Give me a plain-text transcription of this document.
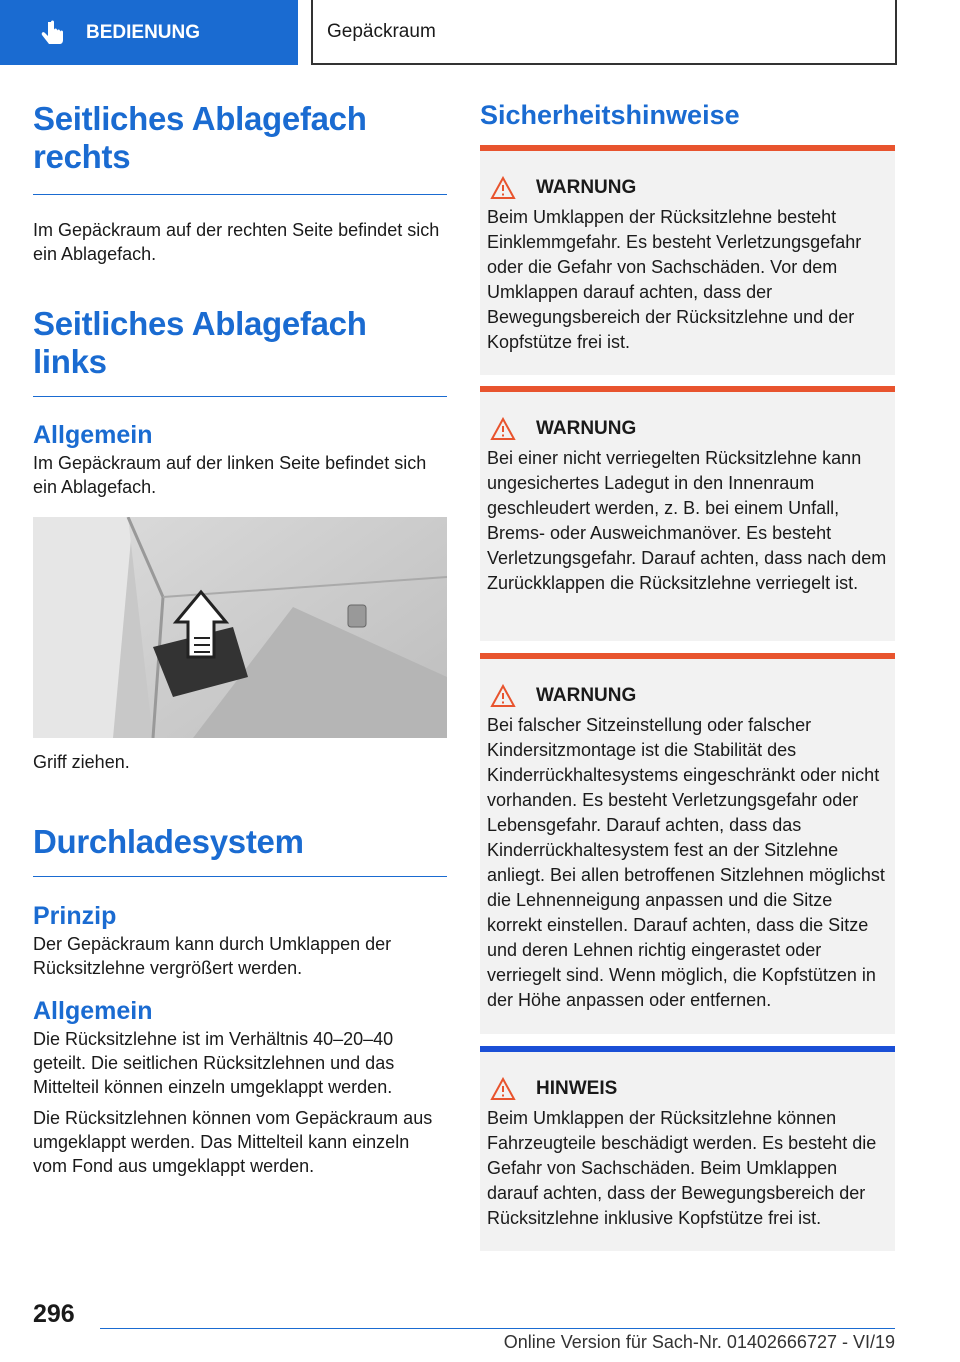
BEDIENUNG	Gepäckraum
Seitliches Ablagefach rechts

Im Gepäckraum auf der rechten Seite befindet sich ein Ablagefach.

Seitliches Ablagefach links
Allgemein

Im Gepäckraum auf der linken Seite befindet sich ein Ablagefach.

Griff ziehen.

Durchladesystem
Prinzip

Der Gepäckraum kann durch Umklappen der Rücksitzlehne vergrößert werden.

Allgemein

Die Rücksitzlehne ist im Verhältnis 40–20–40 geteilt. Die seitlichen Rücksitzlehnen und das Mittelteil können einzeln umgeklappt werden.

Die Rücksitzlehnen können vom Gepäckraum aus umgeklappt werden. Das Mittelteil kann einzeln vom Fond aus umgeklappt werden.

Sicherheitshinweise
WARNUNG
Beim Umklappen der Rücksitzlehne besteht Einklemmgefahr. Es besteht Verletzungsgefahr oder die Gefahr von Sachschäden. Vor dem Umklappen darauf achten, dass der Bewegungsbereich der Rücksitzlehne und der Kopfstütze frei ist.
WARNUNG
Bei einer nicht verriegelten Rücksitzlehne kann ungesichertes Ladegut in den Innenraum geschleudert werden, z. B. bei einem Unfall, Brems- oder Ausweichmanöver. Es besteht Verletzungsgefahr. Darauf achten, dass nach dem Zurückklappen die Rücksitzlehne verriegelt ist.
WARNUNG
Bei falscher Sitzeinstellung oder falscher Kindersitzmontage ist die Stabilität des Kinderrückhaltesystems eingeschränkt oder nicht vorhanden. Es besteht Verletzungsgefahr oder Lebensgefahr. Darauf achten, dass das Kinderrückhaltesystem fest an der Sitzlehne anliegt. Bei allen betroffenen Sitzlehnen möglichst die Lehnenneigung anpassen und die Sitze korrekt einstellen. Darauf achten, dass die Sitze und deren Lehnen richtig eingerastet oder verriegelt sind. Wenn möglich, die Kopfstützen in der Höhe anpassen oder entfernen.
HINWEIS
Beim Umklappen der Rücksitzlehne können Fahrzeugteile beschädigt werden. Es besteht die Gefahr von Sachschäden. Beim Umklappen darauf achten, dass der Bewegungsbereich der Rücksitzlehne inklusive Kopfstütze frei ist.
296
Online Version für Sach-Nr. 01402666727 - VI/19
